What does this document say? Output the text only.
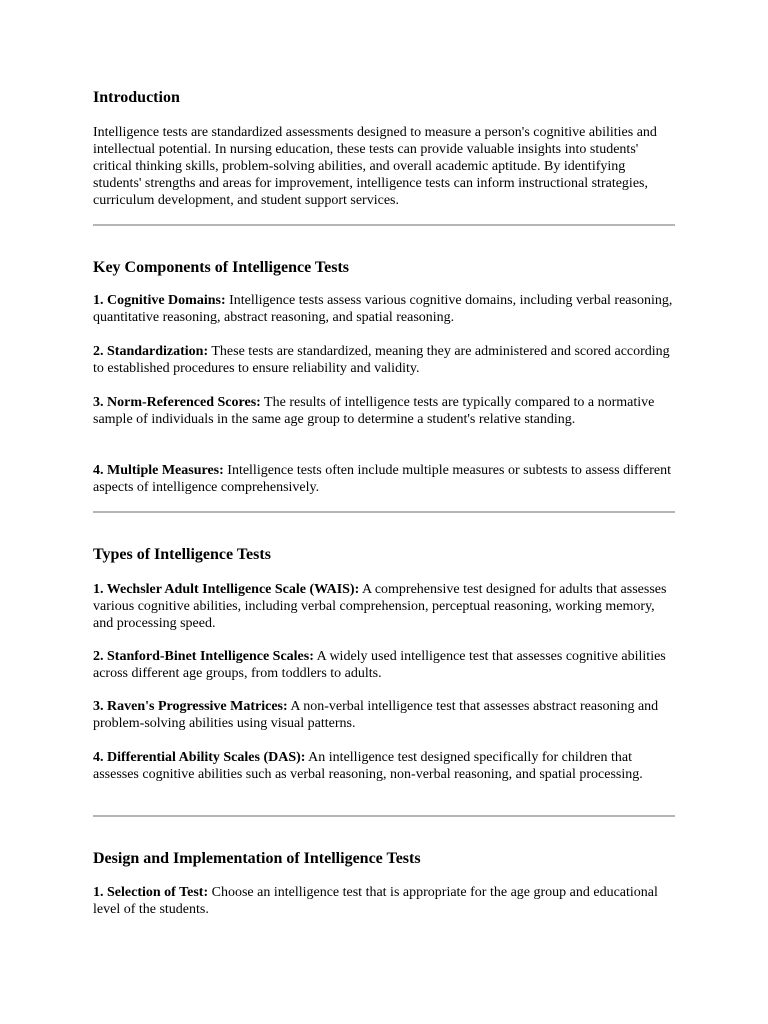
Introduction

Intelligence tests are standardized assessments designed to measure a person's cognitive abilities and intellectual potential. In nursing education, these tests can provide valuable insights into students' critical thinking skills, problem-solving abilities, and overall academic aptitude. By identifying students' strengths and areas for improvement, intelligence tests can inform instructional strategies, curriculum development, and student support services.

Key Components of Intelligence Tests

1. Cognitive Domains: Intelligence tests assess various cognitive domains, including verbal reasoning, quantitative reasoning, abstract reasoning, and spatial reasoning.

2. Standardization: These tests are standardized, meaning they are administered and scored according to established procedures to ensure reliability and validity.

3. Norm-Referenced Scores: The results of intelligence tests are typically compared to a normative sample of individuals in the same age group to determine a student's relative standing.

4. Multiple Measures: Intelligence tests often include multiple measures or subtests to assess different aspects of intelligence comprehensively.

Types of Intelligence Tests

1. Wechsler Adult Intelligence Scale (WAIS): A comprehensive test designed for adults that assesses various cognitive abilities, including verbal comprehension, perceptual reasoning, working memory, and processing speed.

2. Stanford-Binet Intelligence Scales: A widely used intelligence test that assesses cognitive abilities across different age groups, from toddlers to adults.

3. Raven's Progressive Matrices: A non-verbal intelligence test that assesses abstract reasoning and problem-solving abilities using visual patterns.

4. Differential Ability Scales (DAS): An intelligence test designed specifically for children that assesses cognitive abilities such as verbal reasoning, non-verbal reasoning, and spatial processing.

Design and Implementation of Intelligence Tests

1. Selection of Test: Choose an intelligence test that is appropriate for the age group and educational level of the students.
